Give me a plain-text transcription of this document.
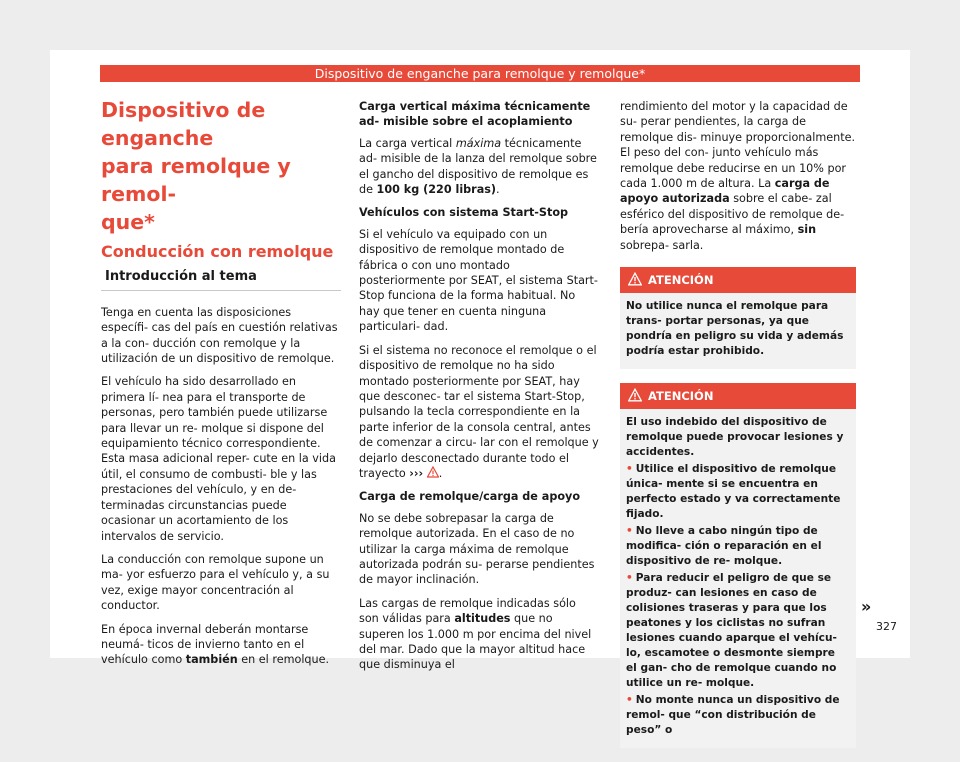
Dispositivo de enganche para remolque y remolque*
Dispositivo de enganche
para remolque y remol-
que*
Conducción con remolque
Introducción al tema

Tenga en cuenta las disposiciones específi- cas del país en cuestión relativas a la con- ducción con remolque y la utilización de un dispositivo de remolque.

El vehículo ha sido desarrollado en primera lí- nea para el transporte de personas, pero también puede utilizarse para llevar un re- molque si dispone del equipamiento técnico correspondiente. Esta masa adicional reper- cute en la vida útil, el consumo de combusti- ble y las prestaciones del vehículo, y en de- terminadas circunstancias puede ocasionar un acortamiento de los intervalos de servicio.

La conducción con remolque supone un ma- yor esfuerzo para el vehículo y, a su vez, exige mayor concentración al conductor.

En época invernal deberán montarse neumá- ticos de invierno tanto en el vehículo como también en el remolque.

Carga vertical máxima técnicamente ad- misible sobre el acoplamiento

La carga vertical máxima técnicamente ad- misible de la lanza del remolque sobre el gancho del dispositivo de remolque es de 100 kg (220 libras).

Vehículos con sistema Start-Stop

Si el vehículo va equipado con un dispositivo de remolque montado de fábrica o con uno montado posteriormente por SEAT, el sistema Start-Stop funciona de la forma habitual. No hay que tener en cuenta ninguna particulari- dad.

Si el sistema no reconoce el remolque o el dispositivo de remolque no ha sido montado posteriormente por SEAT, hay que desconec- tar el sistema Start-Stop, pulsando la tecla correspondiente en la parte inferior de la consola central, antes de comenzar a circu- lar con el remolque y dejarlo desconectado durante todo el trayecto ››› .

Carga de remolque/carga de apoyo

No se debe sobrepasar la carga de remolque autorizada. En el caso de no utilizar la carga máxima de remolque autorizada podrán su- perarse pendientes de mayor inclinación.

Las cargas de remolque indicadas sólo son válidas para altitudes que no superen los 1.000 m por encima del nivel del mar. Dado que la mayor altitud hace que disminuya el

rendimiento del motor y la capacidad de su- perar pendientes, la carga de remolque dis- minuye proporcionalmente. El peso del con- junto vehículo más remolque debe reducirse en un 10% por cada 1.000 m de altura. La carga de apoyo autorizada sobre el cabe- zal esférico del dispositivo de remolque de- bería aprovecharse al máximo, sin sobrepa- sarla.

ATENCIÓN

No utilice nunca el remolque para trans- portar personas, ya que pondría en peligro su vida y además podría estar prohibido.

ATENCIÓN

El uso indebido del dispositivo de remolque puede provocar lesiones y accidentes.

• Utilice el dispositivo de remolque única- mente si se encuentra en perfecto estado y va correctamente fijado.

• No lleve a cabo ningún tipo de modifica- ción o reparación en el dispositivo de re- molque.

• Para reducir el peligro de que se produz- can lesiones en caso de colisiones traseras y para que los peatones y los ciclistas no sufran lesiones cuando aparque el vehícu- lo, escamotee o desmonte siempre el gan- cho de remolque cuando no utilice un re- molque.

• No monte nunca un dispositivo de remol- que “con distribución de peso” o

»
327
